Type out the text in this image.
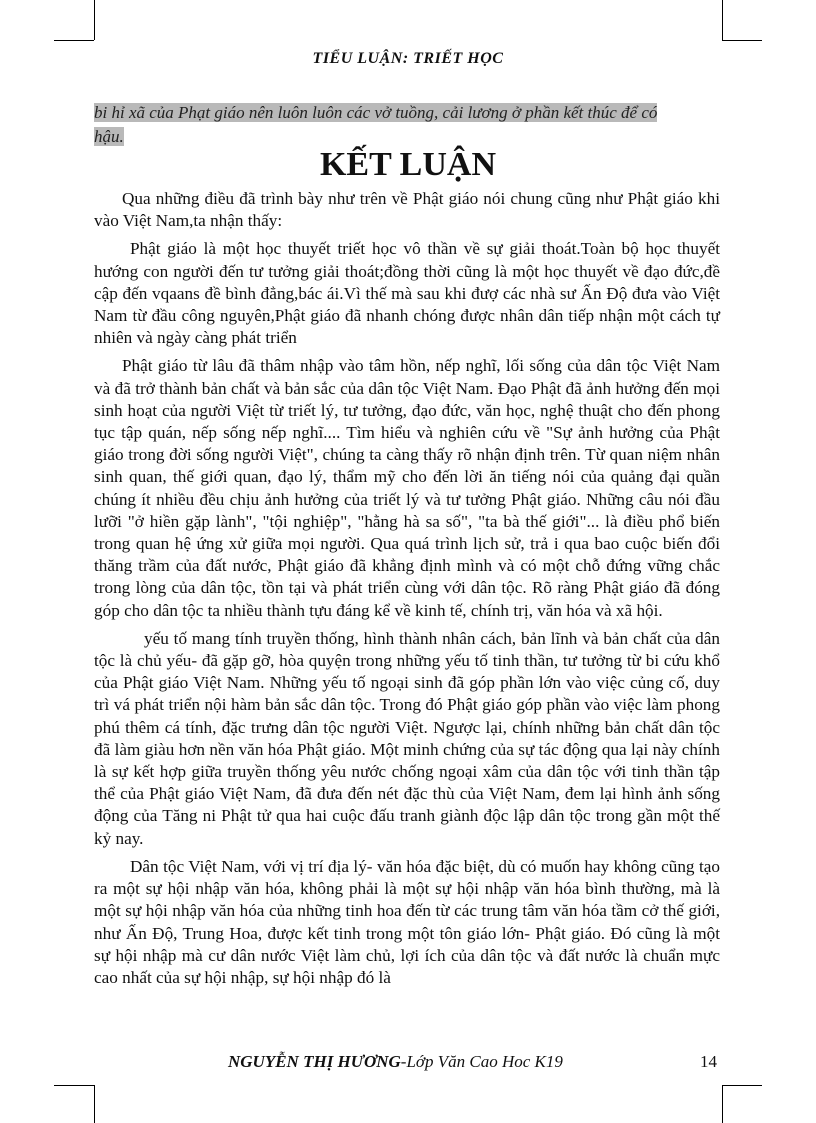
TIỂU LUẬN: TRIẾT HỌC
bi hỉ xã của Phạt giáo nên luôn luôn các vở tuồng, cải lương ở phần kết thúc để có
hậu.
KẾT LUẬN

Qua những điều đã trình bày như trên về Phật giáo nói chung cũng như Phật giáo khi vào Việt Nam,ta nhận thấy:

Phật giáo là một học thuyết triết học vô thần về sự giải thoát.Toàn bộ học thuyết hướng con người đến tư tưởng giải thoát;đồng thời cũng là một học thuyết về đạo đức,đề cập đến vqaans đề bình đẳng,bác ái.Vì thế mà sau khi đượ các nhà sư Ấn Độ đưa vào Việt Nam từ đầu công nguyên,Phật giáo đã nhanh chóng được nhân dân tiếp nhận một cách tự nhiên và ngày càng phát triển

Phật giáo từ lâu đã thâm nhập vào tâm hồn, nếp nghĩ, lối sống của dân tộc Việt Nam và đã trở thành bản chất và bản sắc của dân tộc Việt Nam. Đạo Phật đã ảnh hưởng đến mọi sinh hoạt của người Việt từ triết lý, tư tưởng, đạo đức, văn học, nghệ thuật cho đến phong tục tập quán, nếp sống nếp nghĩ.... Tìm hiểu và nghiên cứu về "Sự ảnh hưởng của Phật giáo trong đời sống người Việt", chúng ta càng thấy rõ nhận định trên. Từ quan niệm nhân sinh quan, thế giới quan, đạo lý, thẩm mỹ cho đến lời ăn tiếng nói của quảng đại quần chúng ít nhiều đều chịu ảnh hưởng của triết lý và tư tưởng Phật giáo. Những câu nói đầu lưỡi "ở hiền gặp lành", "tội nghiệp", "hằng hà sa số", "ta bà thế giới"... là điều phổ biến trong quan hệ ứng xử giữa mọi người. Qua quá trình lịch sử, trả i qua bao cuộc biến đổi thăng trầm của đất nước, Phật giáo đã khẳng định mình và có một chỗ đứng vững chắc trong lòng của dân tộc, tồn tại và phát triển cùng với dân tộc. Rõ ràng Phật giáo đã đóng góp cho dân tộc ta nhiều thành tựu đáng kể về kinh tế, chính trị, văn hóa và xã hội.

yếu tố mang tính truyền thống, hình thành nhân cách, bản lĩnh và bản chất của dân tộc là chủ yếu- đã gặp gỡ, hòa quyện trong những yếu tố tinh thần, tư tưởng từ bi cứu khổ của Phật giáo Việt Nam. Những yếu tố ngoại sinh đã góp phần lớn vào việc củng cố, duy trì vá phát triển nội hàm bản sắc dân tộc. Trong đó Phật giáo góp phần vào việc làm phong phú thêm cá tính, đặc trưng dân tộc người Việt. Ngược lại, chính những bản chất dân tộc đã làm giàu hơn nền văn hóa Phật giáo. Một minh chứng của sự tác động qua lại này chính là sự kết hợp giữa truyền thống yêu nước chống ngoại xâm của dân tộc với tinh thần tập thể của Phật giáo Việt Nam, đã đưa đến nét đặc thù của Việt Nam, đem lại hình ảnh sống động của Tăng ni Phật tử qua hai cuộc đấu tranh giành độc lập dân tộc trong gần một thế kỷ nay.

Dân tộc Việt Nam, với vị trí địa lý- văn hóa đặc biệt, dù có muốn hay không cũng tạo ra một sự hội nhập văn hóa, không phải là một sự hội nhập văn hóa bình thường, mà là một sự hội nhập văn hóa của những tinh hoa đến từ các trung tâm văn hóa tầm cở thế giới, như Ấn Độ, Trung Hoa, được kết tinh trong một tôn giáo lớn- Phật giáo. Đó cũng là một sự hội nhập mà cư dân nước Việt làm chủ, lợi ích của dân tộc và đất nước là chuẩn mực cao nhất của sự hội nhập, sự hội nhập đó là

NGUYỄN THỊ HƯƠNG-Lớp Văn Cao Hoc K19	14
